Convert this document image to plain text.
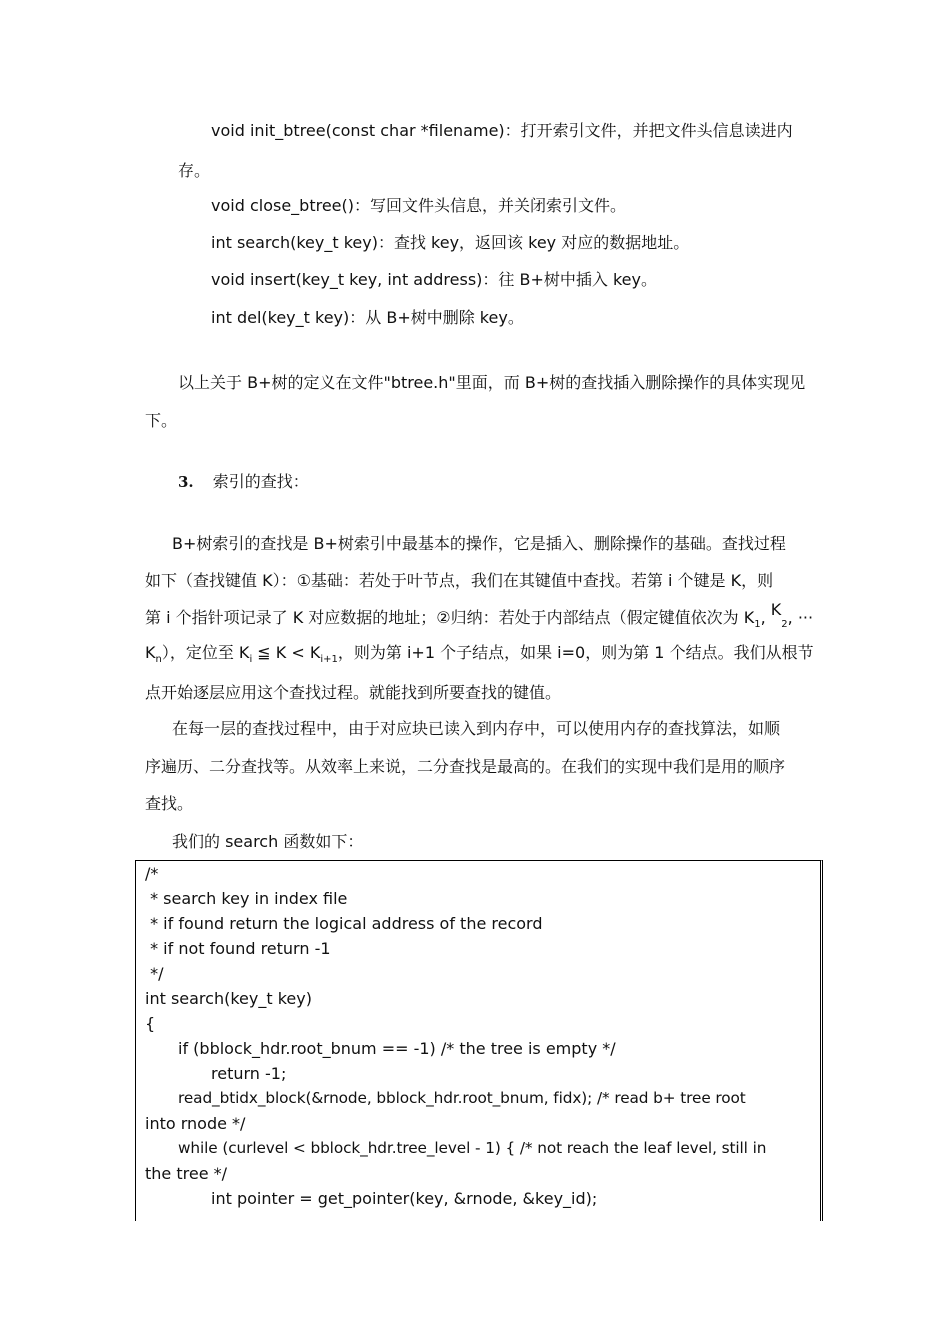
void init_btree(const char *filename)：打开索引文件，并把文件头信息读进内
存。
void close_btree()：写回文件头信息，并关闭索引文件。
int search(key_t key)：查找 key，返回该 key 对应的数据地址。
void insert(key_t key, int address)：往 B+树中插入 key。
int del(key_t key)：从 B+树中删除 key。
以上关于 B+树的定义在文件"btree.h"里面，而 B+树的查找插入删除操作的具体实现见
下。
3. 索引的查找：
B+树索引的查找是 B+树索引中最基本的操作，它是插入、删除操作的基础。查找过程
如下（查找键值 K）：①基础：若处于叶节点，我们在其键值中查找。若第 i 个键是 K，则
第 i 个指针项记录了 K 对应数据的地址；②归纳：若处于内部结点（假定键值依次为 $K_1$, $K_2$, ···
$K_n$），定位至 $K_i$ ≦ $K < K_{i+1}$，则为第 i+1 个子结点，如果 i=0，则为第 1 个结点。我们从根节
点开始逐层应用这个查找过程。就能找到所要查找的键值。
在每一层的查找过程中，由于对应块已读入到内存中，可以使用内存的查找算法，如顺
序遍历、二分查找等。从效率上来说，二分查找是最高的。在我们的实现中我们是用的顺序
查找。
我们的 search 函数如下：
/*
* search key in index file
* if found return the logical address of the record
* if not found return -1
*/
int search(key_t key)
{
if (bblock_hdr.root_bnum == -1) /* the tree is empty */
return -1;
read_btidx_block(&rnode, bblock_hdr.root_bnum, fidx); /* read b+ tree root
into rnode */
while (curlevel < bblock_hdr.tree_level - 1) { /* not reach the leaf level, still in
the tree */
int pointer = get_pointer(key, &rnode, &key_id);
